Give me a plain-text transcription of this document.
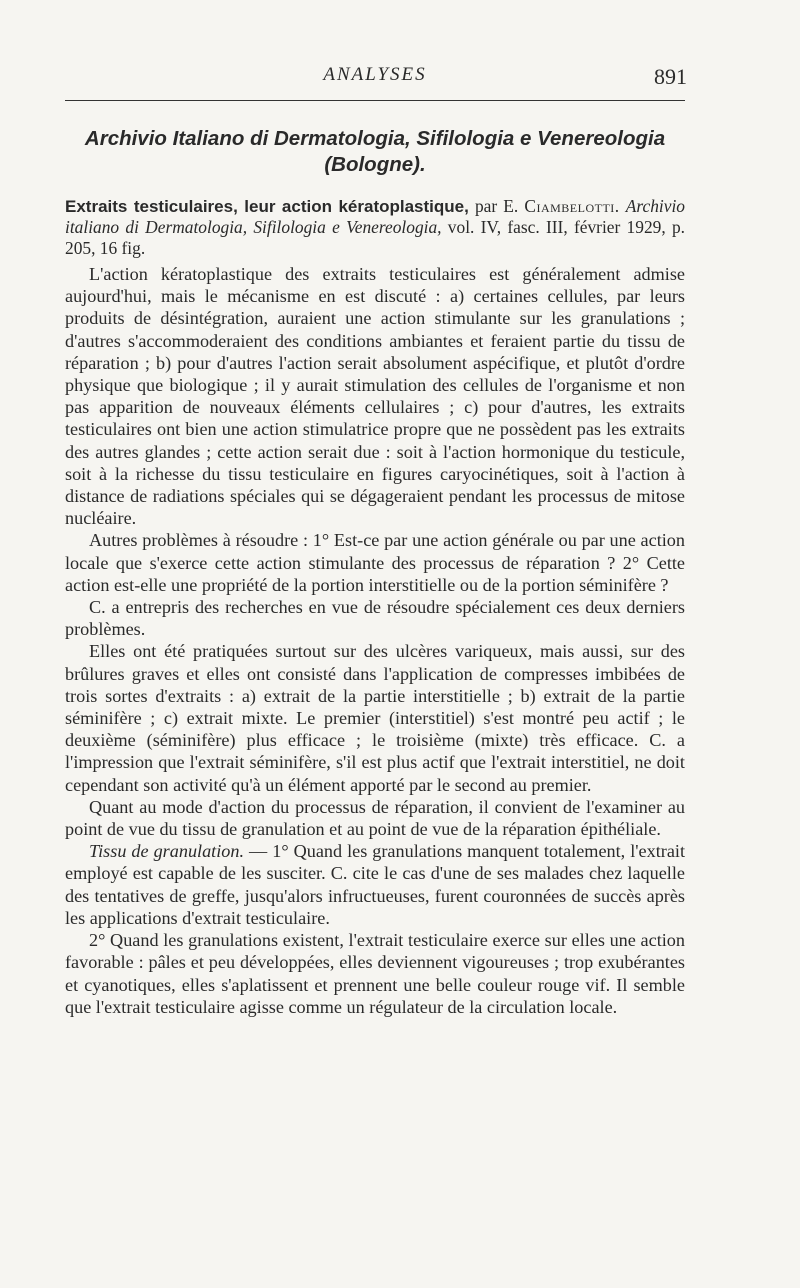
ANALYSES	891
Archivio Italiano di Dermatologia, Sifilologia e Venereologia
(Bologne).
Extraits testiculaires, leur action kératoplastique, par E. Ciambelotti. Archivio italiano di Dermatologia, Sifilologia e Venereologia, vol. IV, fasc. III, février 1929, p. 205, 16 fig.

L'action kératoplastique des extraits testiculaires est généralement admise aujourd'hui, mais le mécanisme en est discuté : a) certaines cellules, par leurs produits de désintégration, auraient une action stimulante sur les granulations ; d'autres s'accommoderaient des conditions ambiantes et feraient partie du tissu de réparation ; b) pour d'autres l'action serait absolument aspécifique, et plutôt d'ordre physique que biologique ; il y aurait stimulation des cellules de l'organisme et non pas apparition de nouveaux éléments cellulaires ; c) pour d'autres, les extraits testiculaires ont bien une action stimulatrice propre que ne possèdent pas les extraits des autres glandes ; cette action serait due : soit à l'action hormonique du testicule, soit à la richesse du tissu testiculaire en figures caryocinétiques, soit à l'action à distance de radiations spéciales qui se dégageraient pendant les processus de mitose nucléaire.

Autres problèmes à résoudre : 1° Est-ce par une action générale ou par une action locale que s'exerce cette action stimulante des processus de réparation ? 2° Cette action est-elle une propriété de la portion interstitielle ou de la portion séminifère ?

C. a entrepris des recherches en vue de résoudre spécialement ces deux derniers problèmes.

Elles ont été pratiquées surtout sur des ulcères variqueux, mais aussi, sur des brûlures graves et elles ont consisté dans l'application de compresses imbibées de trois sortes d'extraits : a) extrait de la partie interstitielle ; b) extrait de la partie séminifère ; c) extrait mixte. Le premier (interstitiel) s'est montré peu actif ; le deuxième (séminifère) plus efficace ; le troisième (mixte) très efficace. C. a l'impression que l'extrait séminifère, s'il est plus actif que l'extrait interstitiel, ne doit cependant son activité qu'à un élément apporté par le second au premier.

Quant au mode d'action du processus de réparation, il convient de l'examiner au point de vue du tissu de granulation et au point de vue de la réparation épithéliale.

Tissu de granulation. — 1° Quand les granulations manquent totalement, l'extrait employé est capable de les susciter. C. cite le cas d'une de ses malades chez laquelle des tentatives de greffe, jusqu'alors infructueuses, furent couronnées de succès après les applications d'extrait testiculaire.

2° Quand les granulations existent, l'extrait testiculaire exerce sur elles une action favorable : pâles et peu développées, elles deviennent vigoureuses ; trop exubérantes et cyanotiques, elles s'aplatissent et prennent une belle couleur rouge vif. Il semble que l'extrait testiculaire agisse comme un régulateur de la circulation locale.
